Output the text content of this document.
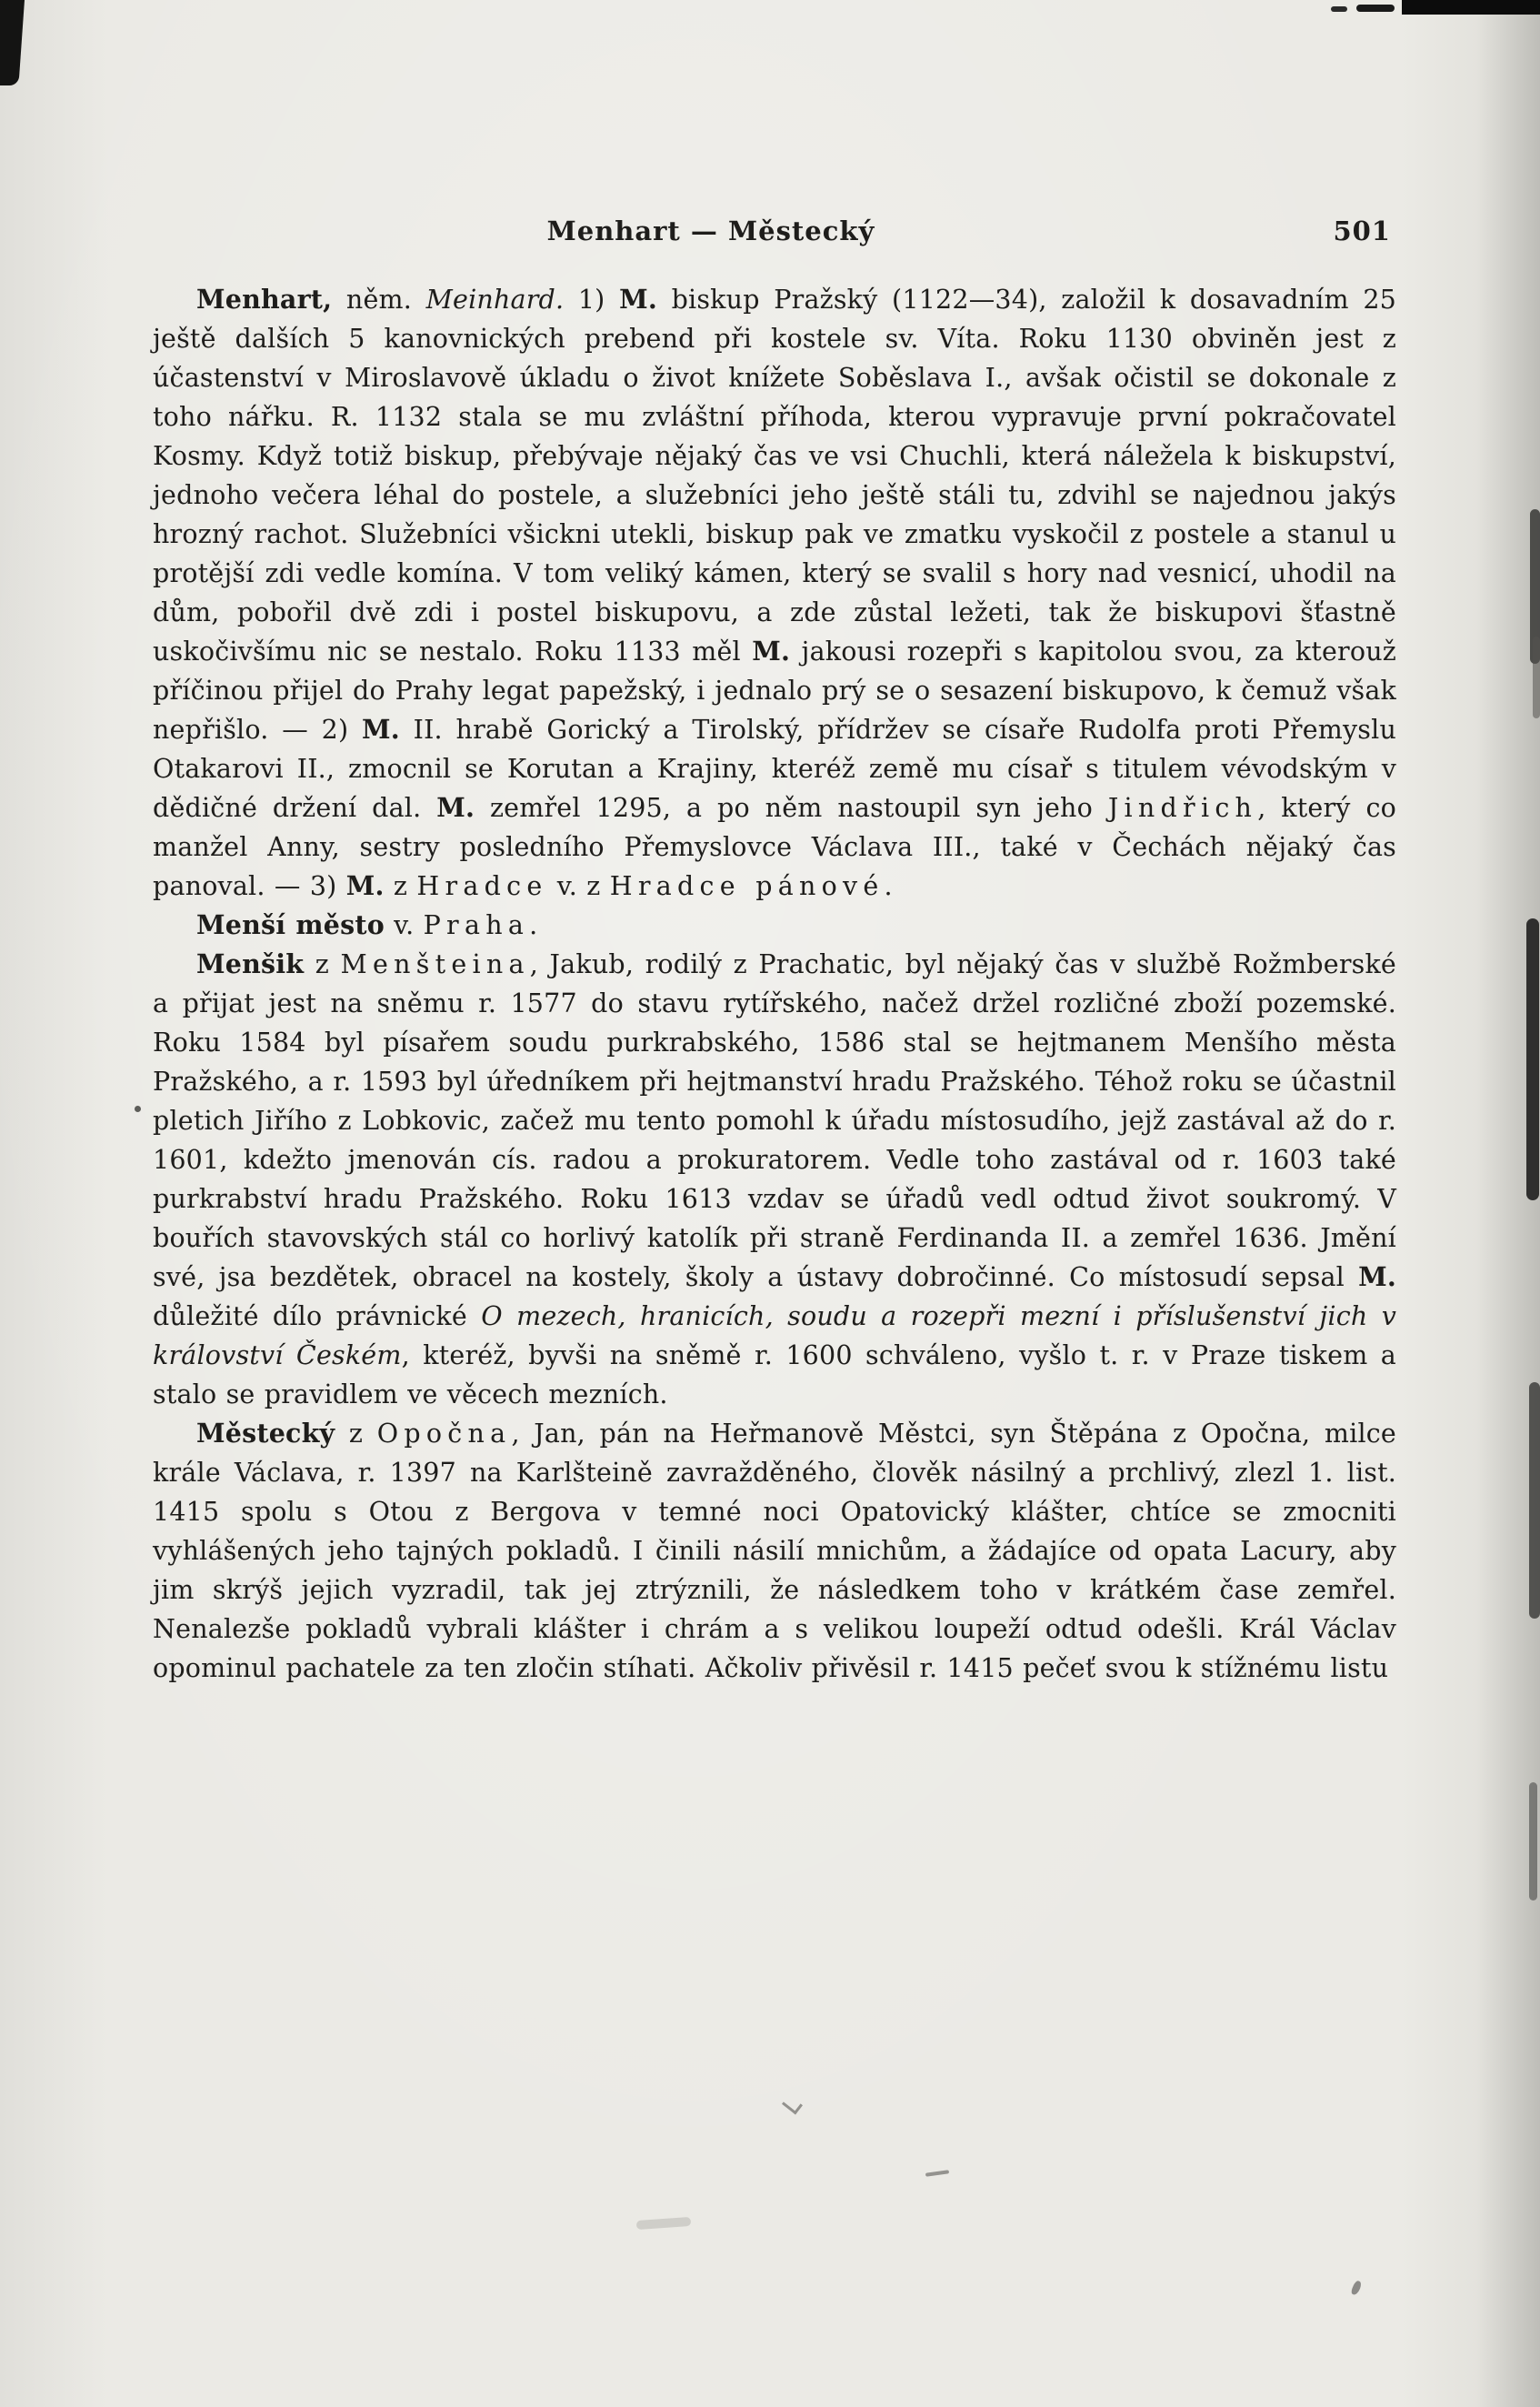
Menhart — Městecký	501

Menhart, něm. Meinhard. 1) M. biskup Pražský (1122—34), založil k dosavadním 25 ještě dalších 5 kanovnických prebend při kostele sv. Víta. Roku 1130 obviněn jest z účastenství v Miroslavově úkladu o život knížete Soběslava I., avšak očistil se dokonale z toho nářku. R. 1132 stala se mu zvláštní příhoda, kterou vypravuje první pokračovatel Kosmy. Když totiž biskup, přebývaje nějaký čas ve vsi Chuchli, která náležela k biskupství, jednoho večera léhal do postele, a služebníci jeho ještě stáli tu, zdvihl se najednou jakýs hrozný rachot. Služebníci všickni utekli, biskup pak ve zmatku vyskočil z postele a stanul u protější zdi vedle komína. V tom veliký kámen, který se svalil s hory nad vesnicí, uhodil na dům, pobořil dvě zdi i postel biskupovu, a zde zůstal ležeti, tak že biskupovi šťastně uskočivšímu nic se nestalo. Roku 1133 měl M. jakousi rozepři s kapitolou svou, za kterouž příčinou přijel do Prahy legat papežský, i jednalo prý se o sesazení biskupovo, k čemuž však nepřišlo. — 2) M. II. hrabě Gorický a Tirolský, přídržev se císaře Rudolfa proti Přemyslu Otakarovi II., zmocnil se Korutan a Krajiny, kteréž země mu císař s titulem vévodským v dědičné držení dal. M. zemřel 1295, a po něm nastoupil syn jeho Jindřich, který co manžel Anny, sestry posledního Přemyslovce Václava III., také v Čechách nějaký čas panoval. — 3) M. z Hradce v. z Hradce pánové.

Menší město v. Praha.

Menšik z Menšteina, Jakub, rodilý z Prachatic, byl nějaký čas v službě Rožmberské a přijat jest na sněmu r. 1577 do stavu rytířského, načež držel rozličné zboží pozemské. Roku 1584 byl písařem soudu purkrabského, 1586 stal se hejtmanem Menšího města Pražského, a r. 1593 byl úředníkem při hejtmanství hradu Pražského. Téhož roku se účastnil pletich Jiřího z Lobkovic, začež mu tento pomohl k úřadu místosudího, jejž zastával až do r. 1601, kdežto jmenován cís. radou a prokuratorem. Vedle toho zastával od r. 1603 také purkrabství hradu Pražského. Roku 1613 vzdav se úřadů vedl odtud život soukromý. V bouřích stavovských stál co horlivý katolík při straně Ferdinanda II. a zemřel 1636. Jmění své, jsa bezdětek, obracel na kostely, školy a ústavy dobročinné. Co místosudí sepsal M. důležité dílo právnické O mezech, hranicích, soudu a rozepři mezní i příslušenství jich v království Českém, kteréž, byvši na sněmě r. 1600 schváleno, vyšlo t. r. v Praze tiskem a stalo se pravidlem ve věcech mezních.

Městecký z Opočna, Jan, pán na Heřmanově Městci, syn Štěpána z Opočna, milce krále Václava, r. 1397 na Karlšteině zavražděného, člověk násilný a prchlivý, zlezl 1. list. 1415 spolu s Otou z Bergova v temné noci Opatovický klášter, chtíce se zmocniti vyhlášených jeho tajných pokladů. I činili násilí mnichům, a žádajíce od opata Lacury, aby jim skrýš jejich vyzradil, tak jej ztrýznili, že následkem toho v krátkém čase zemřel. Nenalezše pokladů vybrali klášter i chrám a s velikou loupeží odtud odešli. Král Václav opominul pachatele za ten zločin stíhati. Ačkoliv přivěsil r. 1415 pečeť svou k stížnému listu
